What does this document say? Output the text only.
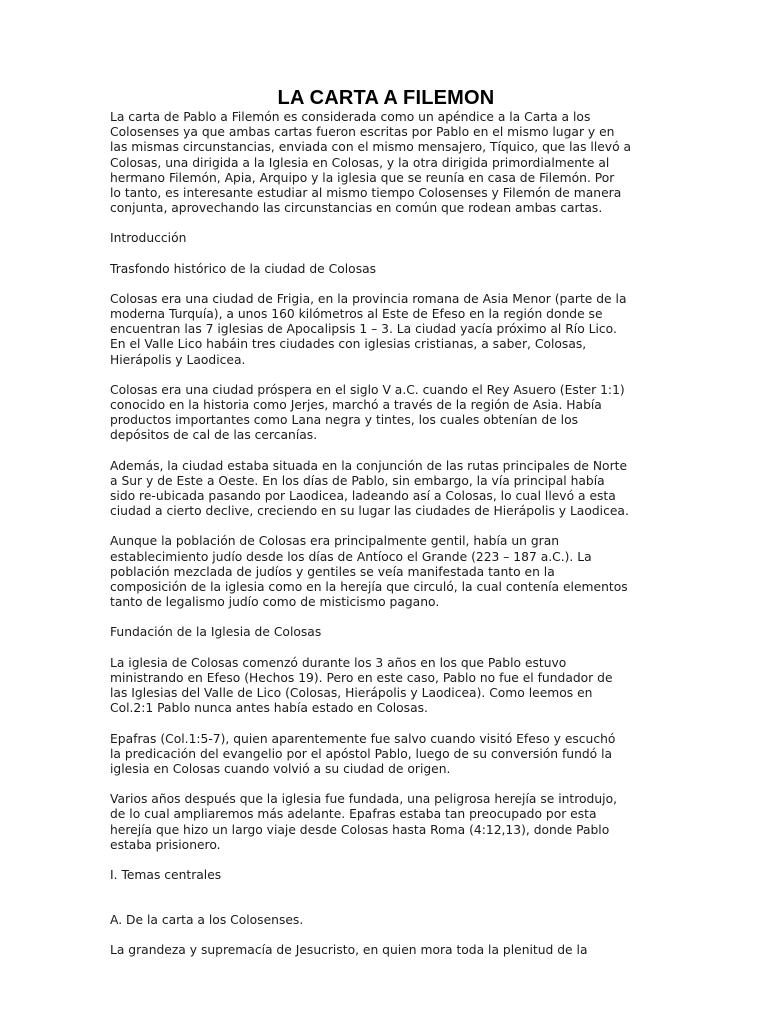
LA CARTA A FILEMON
La carta de Pablo a Filemón es considerada como un apéndice a la Carta a los
Colosenses ya que ambas cartas fueron escritas por Pablo en el mismo lugar y en
las mismas circunstancias, enviada con el mismo mensajero, Tíquico, que las llevó a
Colosas, una dirigida a la Iglesia en Colosas, y la otra dirigida primordialmente al
hermano Filemón, Apia, Arquipo y la iglesia que se reunía en casa de Filemón. Por
lo tanto, es interesante estudiar al mismo tiempo Colosenses y Filemón de manera
conjunta, aprovechando las circunstancias en común que rodean ambas cartas.
Introducción
Trasfondo histórico de la ciudad de Colosas
Colosas era una ciudad de Frigia, en la provincia romana de Asia Menor (parte de la
moderna Turquía), a unos 160 kilómetros al Este de Efeso en la región donde se
encuentran las 7 iglesias de Apocalipsis 1 – 3. La ciudad yacía próximo al Río Lico.
En el Valle Lico habáin tres ciudades con iglesias cristianas, a saber, Colosas,
Hierápolis y Laodicea.
Colosas era una ciudad próspera en el siglo V a.C. cuando el Rey Asuero (Ester 1:1)
conocido en la historia como Jerjes, marchó a través de la región de Asia. Había
productos importantes como Lana negra y tintes, los cuales obtenían de los
depósitos de cal de las cercanías.
Además, la ciudad estaba situada en la conjunción de las rutas principales de Norte
a Sur y de Este a Oeste. En los días de Pablo, sin embargo, la vía principal había
sido re-ubicada pasando por Laodicea, ladeando así a Colosas, lo cual llevó a esta
ciudad a cierto declive, creciendo en su lugar las ciudades de Hierápolis y Laodicea.
Aunque la población de Colosas era principalmente gentil, había un gran
establecimiento judío desde los días de Antíoco el Grande (223 – 187 a.C.). La
población mezclada de judíos y gentiles se veía manifestada tanto en la
composición de la iglesia como en la herejía que circuló, la cual contenía elementos
tanto de legalismo judío como de misticismo pagano.
Fundación de la Iglesia de Colosas
La iglesia de Colosas comenzó durante los 3 años en los que Pablo estuvo
ministrando en Efeso (Hechos 19). Pero en este caso, Pablo no fue el fundador de
las Iglesias del Valle de Lico (Colosas, Hierápolis y Laodicea). Como leemos en
Col.2:1 Pablo nunca antes había estado en Colosas.
Epafras (Col.1:5-7), quien aparentemente fue salvo cuando visitó Efeso y escuchó
la predicación del evangelio por el apóstol Pablo, luego de su conversión fundó la
iglesia en Colosas cuando volvió a su ciudad de origen.
Varios años después que la iglesia fue fundada, una peligrosa herejía se introdujo,
de lo cual ampliaremos más adelante. Epafras estaba tan preocupado por esta
herejía que hizo un largo viaje desde Colosas hasta Roma (4:12,13), donde Pablo
estaba prisionero.
I. Temas centrales
A. De la carta a los Colosenses.
La grandeza y supremacía de Jesucristo, en quien mora toda la plenitud de la
